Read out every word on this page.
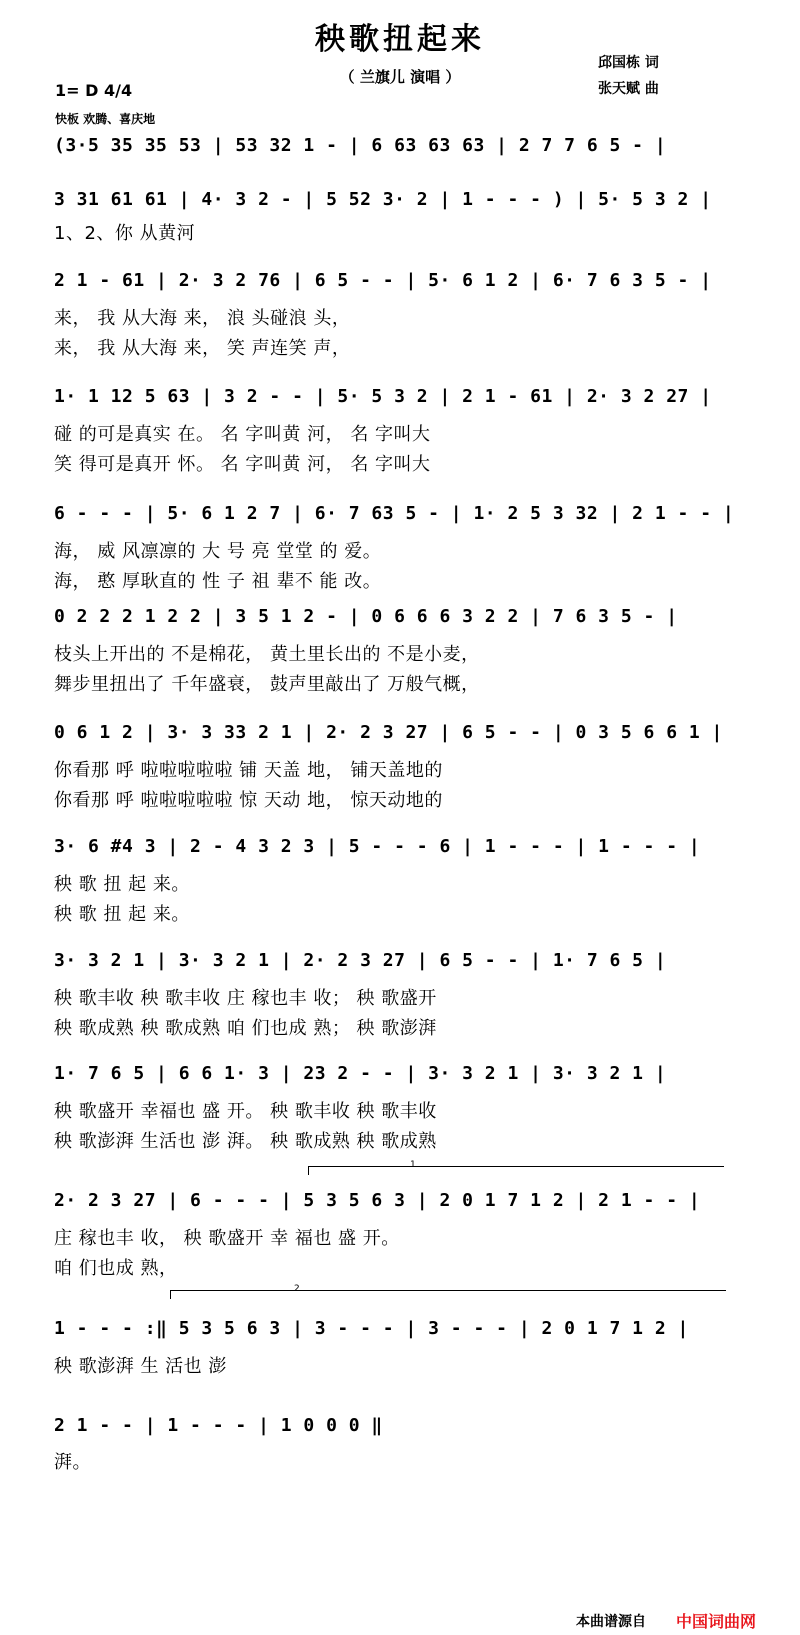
秧歌扭起来
（ 兰旗儿 演唱 ）
邱国栋 词
张天赋 曲
1= D 4/4
快板 欢腾、喜庆地
(3·5 35 35 53 | 53 32 1 - | 6 63 63 63 | 2 7 7 6 5 - |
3 31 61 61 | 4· 3 2 - | 5 52 3· 2 | 1 - - - ) | 5· 5 3 2 |
1、2、你 从黄河
2 1 - 61 | 2· 3 2 76 | 6 5 - - | 5· 6 1 2 | 6· 7 6 3 5 - |
来， 我 从大海 来， 浪 头碰浪 头，
来， 我 从大海 来， 笑 声连笑 声，
1· 1 12 5 63 | 3 2 - - | 5· 5 3 2 | 2 1 - 61 | 2· 3 2 27 |
碰 的可是真实 在。 名 字叫黄 河， 名 字叫大
笑 得可是真开 怀。 名 字叫黄 河， 名 字叫大
6 - - - | 5· 6 1 2 7 | 6· 7 63 5 - | 1· 2 5 3 32 | 2 1 - - |
海， 威 风凛凛的 大 号 亮 堂堂 的 爱。
海， 憨 厚耿直的 性 子 祖 辈不 能 改。
0 2 2 2 1 2 2 | 3 5 1 2 - | 0 6 6 6 3 2 2 | 7 6 3 5 - |
枝头上开出的 不是棉花， 黄土里长出的 不是小麦，
舞步里扭出了 千年盛衰， 鼓声里敲出了 万般气概，
0 6 1 2 | 3· 3 33 2 1 | 2· 2 3 27 | 6 5 - - | 0 3 5 6 6 1 |
你看那 呼 啦啦啦啦啦 铺 天盖 地， 铺天盖地的
你看那 呼 啦啦啦啦啦 惊 天动 地， 惊天动地的
3· 6 #4 3 | 2 - 4 3 2 3 | 5 - - - 6 | 1 - - - | 1 - - - |
秧 歌 扭 起 来。
秧 歌 扭 起 来。
3· 3 2 1 | 3· 3 2 1 | 2· 2 3 27 | 6 5 - - | 1· 7 6 5 |
秧 歌丰收 秧 歌丰收 庄 稼也丰 收； 秧 歌盛开
秧 歌成熟 秧 歌成熟 咱 们也成 熟； 秧 歌澎湃
1· 7 6 5 | 6 6 1· 3 | 23 2 - - | 3· 3 2 1 | 3· 3 2 1 |
秧 歌盛开 幸福也 盛 开。 秧 歌丰收 秧 歌丰收
秧 歌澎湃 生活也 澎 湃。 秧 歌成熟 秧 歌成熟
2· 2 3 27 | 6 - - - | 5 3 5 6 3 | 2 0 1 7 1 2 | 2 1 - - |
庄 稼也丰 收， 秧 歌盛开 幸 福也 盛 开。
咱 们也成 熟，
1 - - - :‖ 5 3 5 6 3 | 3 - - - | 3 - - - | 2 0 1 7 1 2 |
秧 歌澎湃 生 活也 澎
2 1 - - | 1 - - - | 1 0 0 0 ‖
湃。
1
2
本曲谱源自 中国词曲网
